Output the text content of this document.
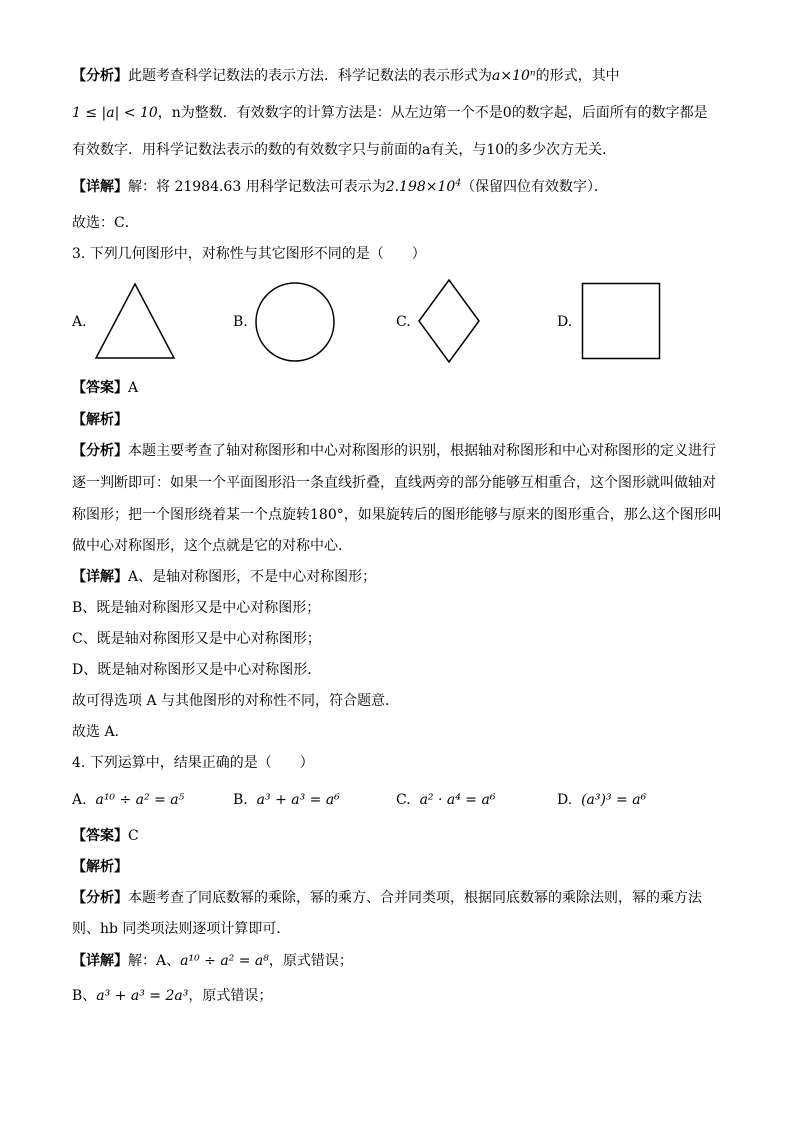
【分析】此题考查科学记数法的表示方法．科学记数法的表示形式为a×10ⁿ的形式，其中
1 ≤ |a| < 10，n为整数．有效数字的计算方法是：从左边第一个不是0的数字起，后面所有的数字都是
有效数字．用科学记数法表示的数的有效数字只与前面的a有关，与10的多少次方无关．
【详解】解：将 21984.63 用科学记数法可表示为$2.198\times 10^4$（保留四位有效数字）．
故选：C．
3. 下列几何图形中，对称性与其它图形不同的是（　　）
A.	B.	C.	D.
【答案】A
【解析】
【分析】本题主要考查了轴对称图形和中心对称图形的识别，根据轴对称图形和中心对称图形的定义进行
逐一判断即可：如果一个平面图形沿一条直线折叠，直线两旁的部分能够互相重合，这个图形就叫做轴对
称图形；把一个图形绕着某一个点旋转180°，如果旋转后的图形能够与原来的图形重合，那么这个图形叫
做中心对称图形，这个点就是它的对称中心．
【详解】A、是轴对称图形，不是中心对称图形；
B、既是轴对称图形又是中心对称图形；
C、既是轴对称图形又是中心对称图形；
D、既是轴对称图形又是中心对称图形．
故可得选项 A 与其他图形的对称性不同，符合题意．
故选 A．
4. 下列运算中，结果正确的是（　　）
A. a¹⁰ ÷ a² = a⁵	B. a³ + a³ = a⁶	C. a² · a⁴ = a⁶	D. (a³)³ = a⁶
【答案】C
【解析】
【分析】本题考查了同底数幂的乘除，幂的乘方、合并同类项，根据同底数幂的乘除法则，幂的乘方法
则、hb 同类项法则逐项计算即可．
【详解】解：A、a¹⁰ ÷ a² = a⁸，原式错误；
B、a³ + a³ = 2a³，原式错误；
